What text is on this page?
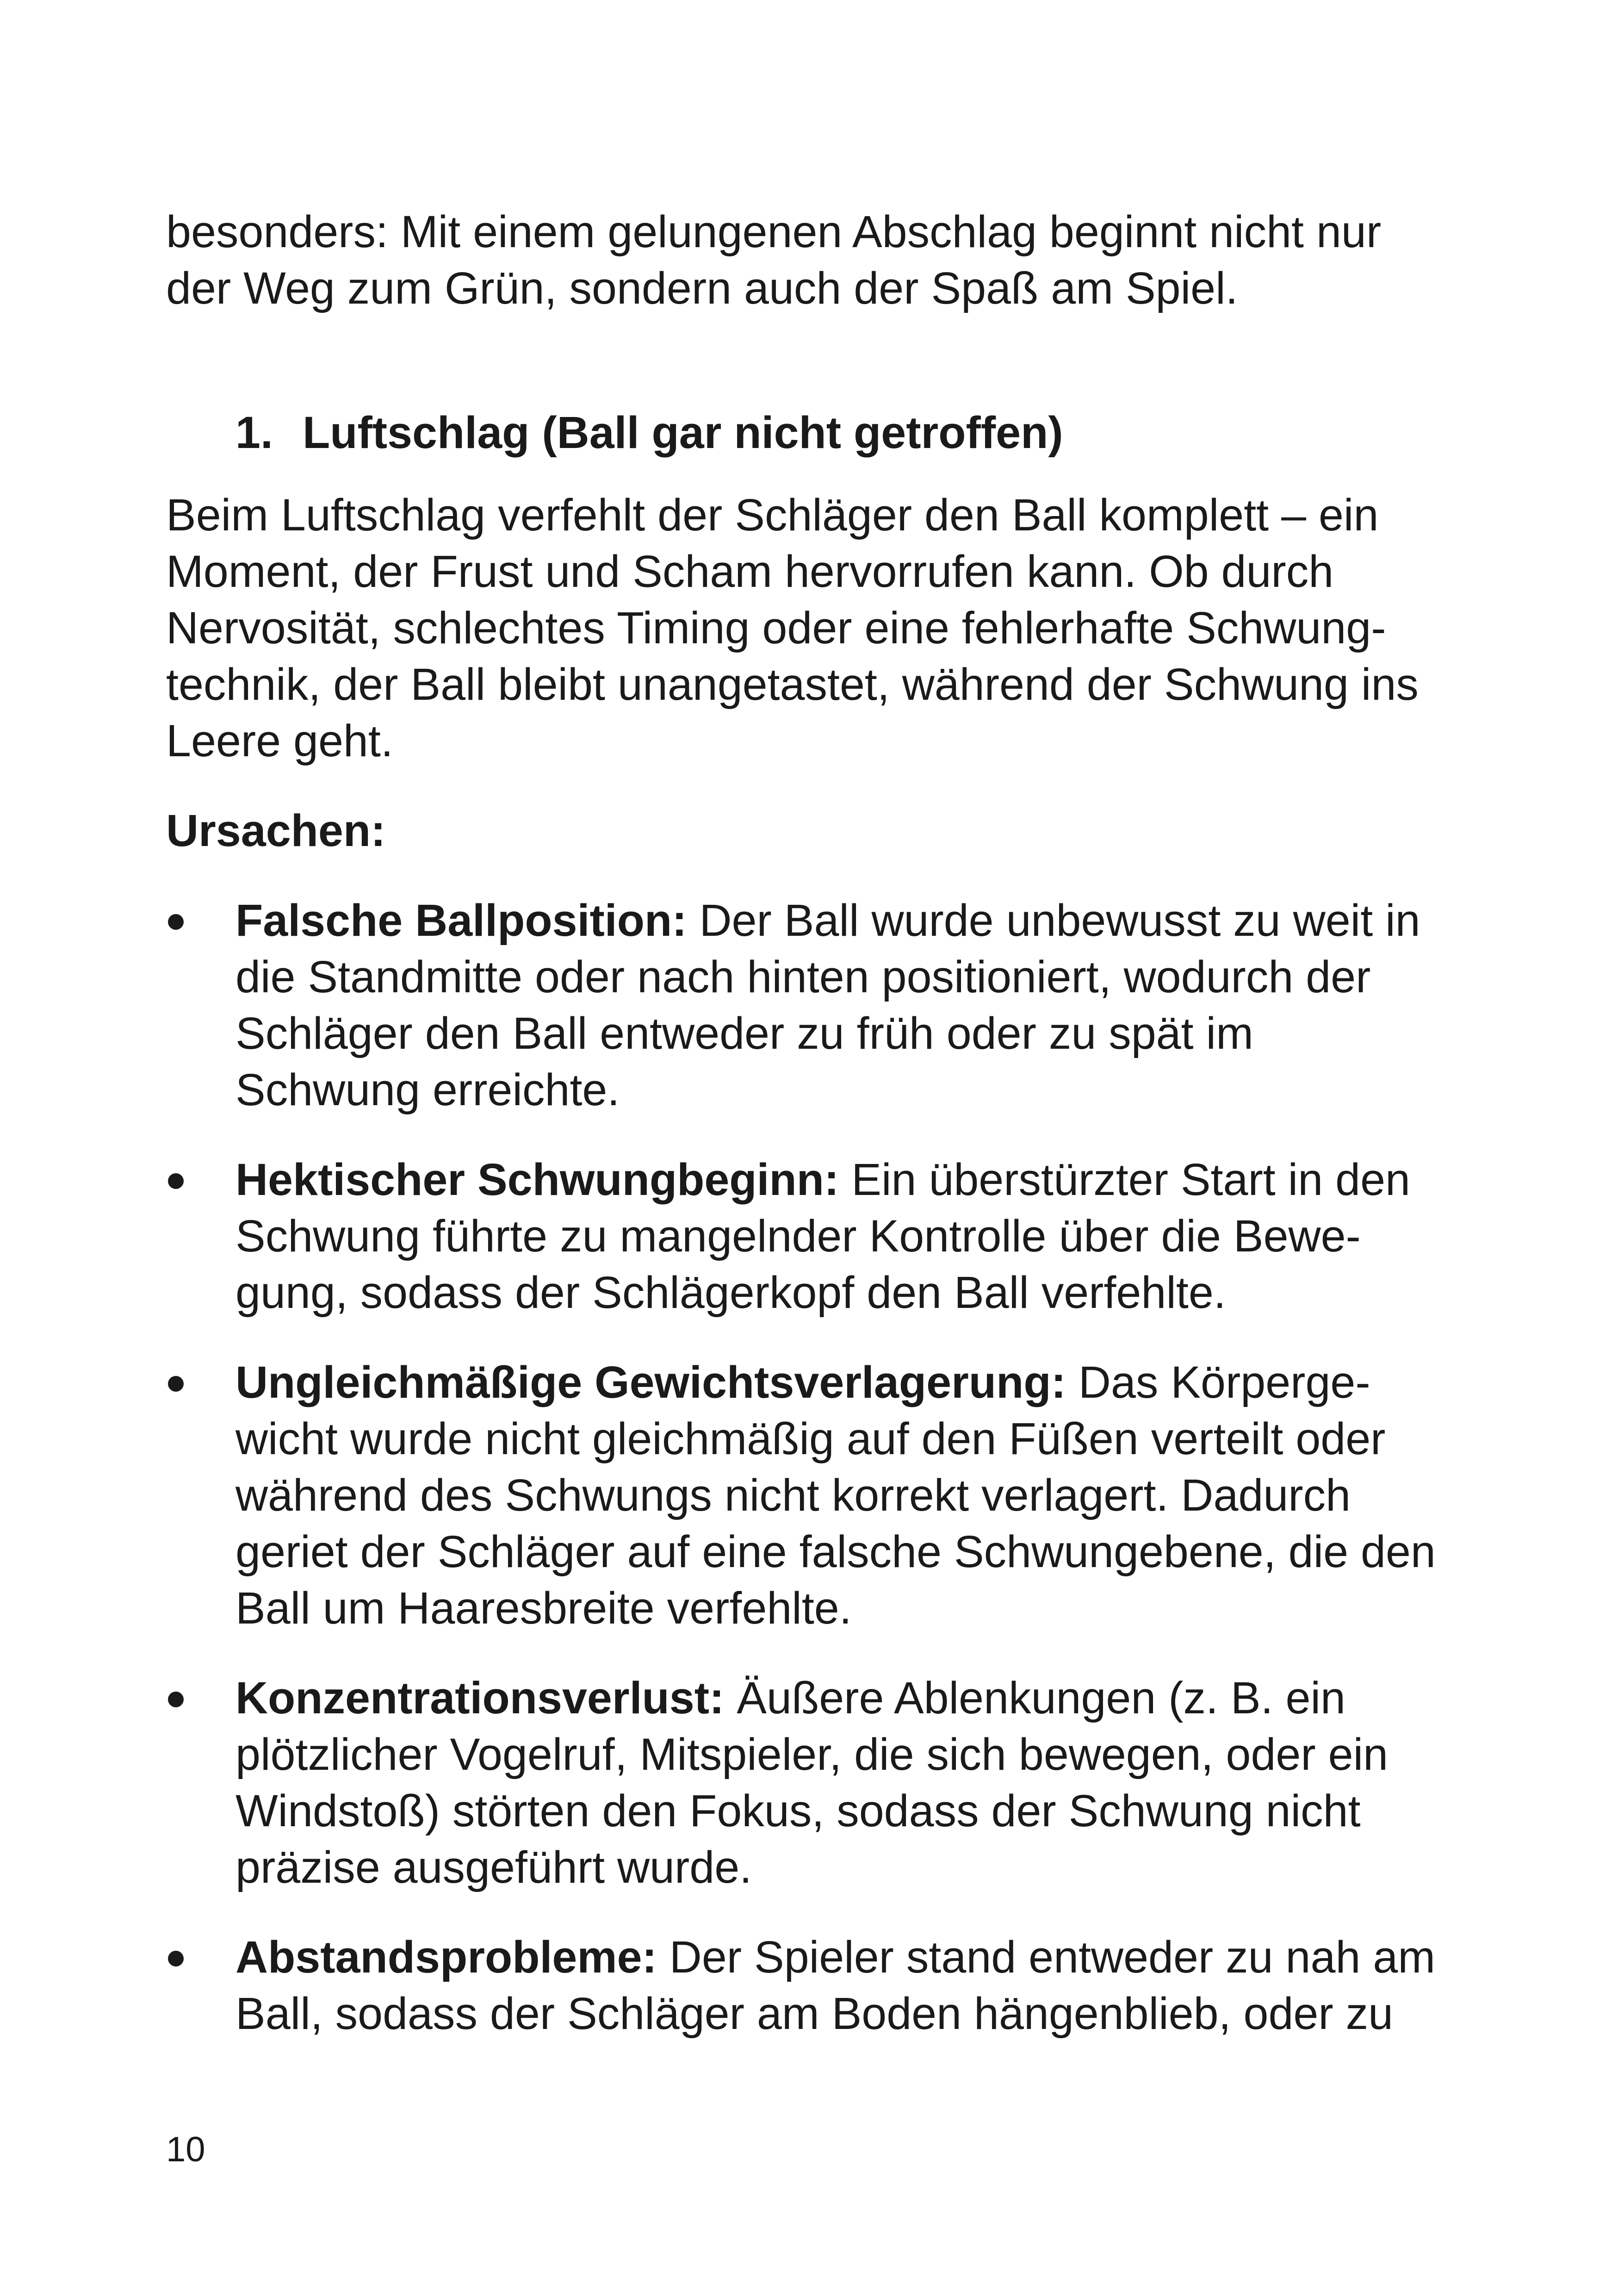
besonders: Mit einem gelungenen Abschlag beginnt nicht nur der Weg zum Grün, sondern auch der Spaß am Spiel.

1. Luftschlag (Ball gar nicht getroffen)

Beim Luftschlag verfehlt der Schläger den Ball komplett – ein Moment, der Frust und Scham hervorrufen kann. Ob durch Nervosität, schlechtes Timing oder eine fehlerhafte Schwungtechnik, der Ball bleibt unangetastet, während der Schwung ins Leere geht.

Ursachen:

Falsche Ballposition: Der Ball wurde unbewusst zu weit in die Standmitte oder nach hinten positioniert, wodurch der Schläger den Ball entweder zu früh oder zu spät im Schwung erreichte.
Hektischer Schwungbeginn: Ein überstürzter Start in den Schwung führte zu mangelnder Kontrolle über die Bewegung, sodass der Schlägerkopf den Ball verfehlte.
Ungleichmäßige Gewichtsverlagerung: Das Körpergewicht wurde nicht gleichmäßig auf den Füßen verteilt oder während des Schwungs nicht korrekt verlagert. Dadurch geriet der Schläger auf eine falsche Schwungebene, die den Ball um Haaresbreite verfehlte.
Konzentrationsverlust: Äußere Ablenkungen (z. B. ein plötzlicher Vogelruf, Mitspieler, die sich bewegen, oder ein Windstoß) störten den Fokus, sodass der Schwung nicht präzise ausgeführt wurde.
Abstandsprobleme: Der Spieler stand entweder zu nah am Ball, sodass der Schläger am Boden hängenblieb, oder zu
10
